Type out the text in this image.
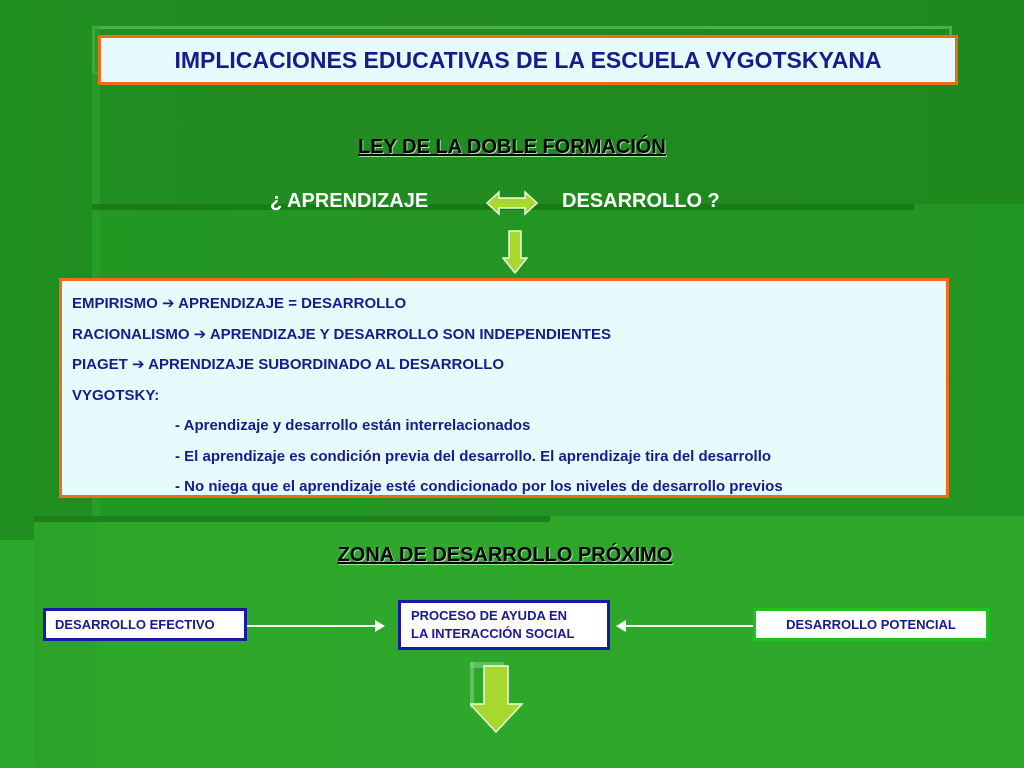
IMPLICACIONES EDUCATIVAS DE LA ESCUELA VYGOTSKYANA
LEY DE LA DOBLE FORMACIÓN
¿ APRENDIZAJE	DESARROLLO ?
EMPIRISMO ➔ APRENDIZAJE = DESARROLLO
RACIONALISMO ➔ APRENDIZAJE Y DESARROLLO SON INDEPENDIENTES
PIAGET ➔ APRENDIZAJE SUBORDINADO AL DESARROLLO
VYGOTSKY:
- Aprendizaje y desarrollo están interrelacionados
- El aprendizaje es condición previa del desarrollo. El aprendizaje tira del desarrollo
- No niega que el aprendizaje esté condicionado por los niveles de desarrollo previos
ZONA DE DESARROLLO PRÓXIMO
DESARROLLO EFECTIVO
PROCESO DE AYUDA EN
LA INTERACCIÓN SOCIAL
DESARROLLO POTENCIAL
